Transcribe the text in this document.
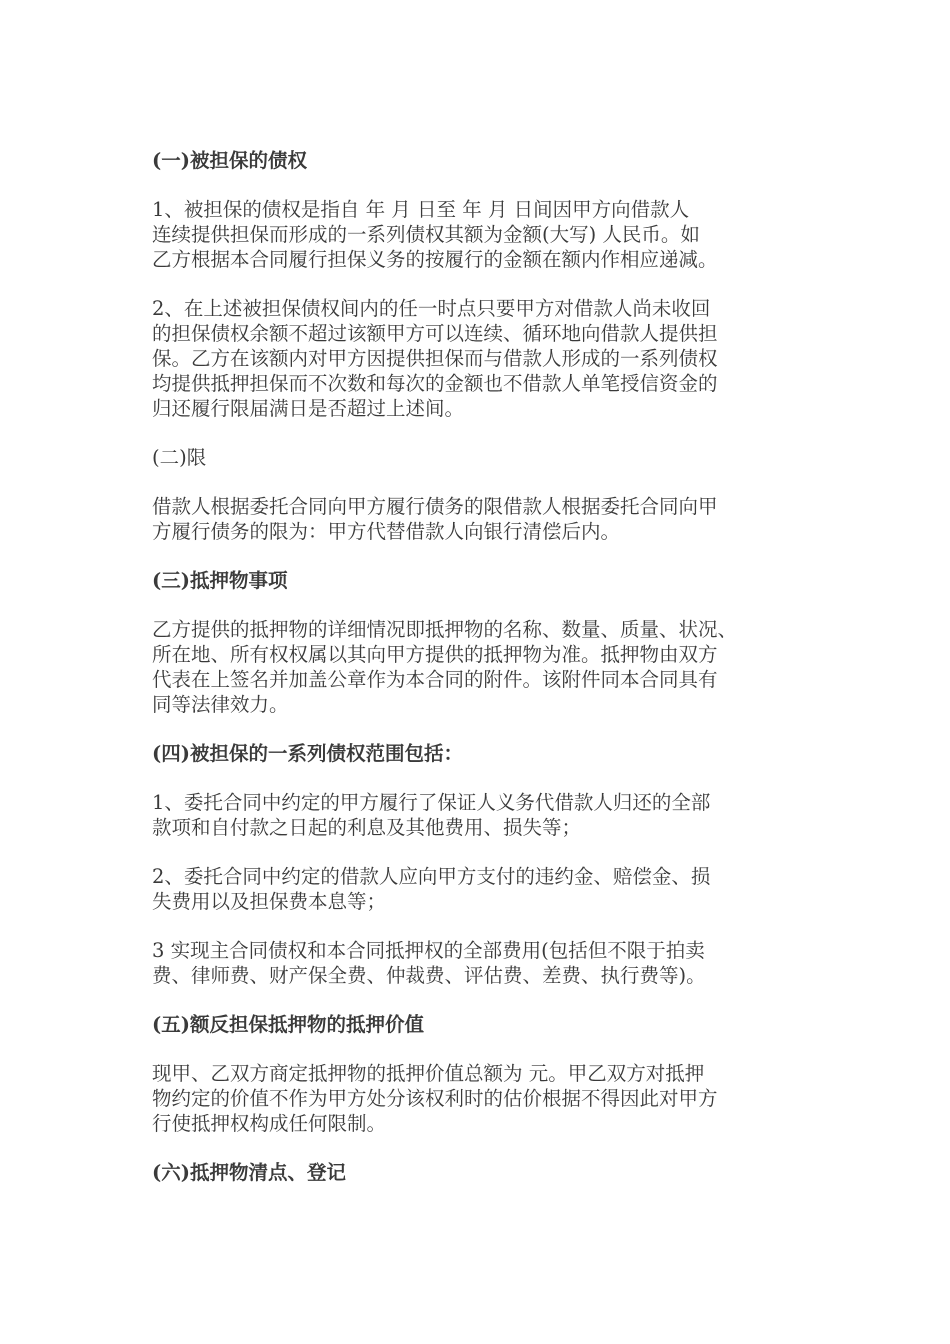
(一)被担保的债权
1、被担保的债权是指自 年 月 日至 年 月 日间因甲方向借款人
连续提供担保而形成的一系列债权其额为金额(大写) 人民币。如
乙方根据本合同履行担保义务的按履行的金额在额内作相应递减。
2、在上述被担保债权间内的任一时点只要甲方对借款人尚未收回
的担保债权余额不超过该额甲方可以连续、循环地向借款人提供担
保。乙方在该额内对甲方因提供担保而与借款人形成的一系列债权
均提供抵押担保而不次数和每次的金额也不借款人单笔授信资金的
归还履行限届满日是否超过上述间。
(二)限
借款人根据委托合同向甲方履行债务的限借款人根据委托合同向甲
方履行债务的限为：甲方代替借款人向银行清偿后内。
(三)抵押物事项
乙方提供的抵押物的详细情况即抵押物的名称、数量、质量、状况、
所在地、所有权权属以其向甲方提供的抵押物为准。抵押物由双方
代表在上签名并加盖公章作为本合同的附件。该附件同本合同具有
同等法律效力。
(四)被担保的一系列债权范围包括：
1、委托合同中约定的甲方履行了保证人义务代借款人归还的全部
款项和自付款之日起的利息及其他费用、损失等；
2、委托合同中约定的借款人应向甲方支付的违约金、赔偿金、损
失费用以及担保费本息等；
3 实现主合同债权和本合同抵押权的全部费用(包括但不限于拍卖
费、律师费、财产保全费、仲裁费、评估费、差费、执行费等)。
(五)额反担保抵押物的抵押价值
现甲、乙双方商定抵押物的抵押价值总额为 元。甲乙双方对抵押
物约定的价值不作为甲方处分该权利时的估价根据不得因此对甲方
行使抵押权构成任何限制。
(六)抵押物清点、登记
